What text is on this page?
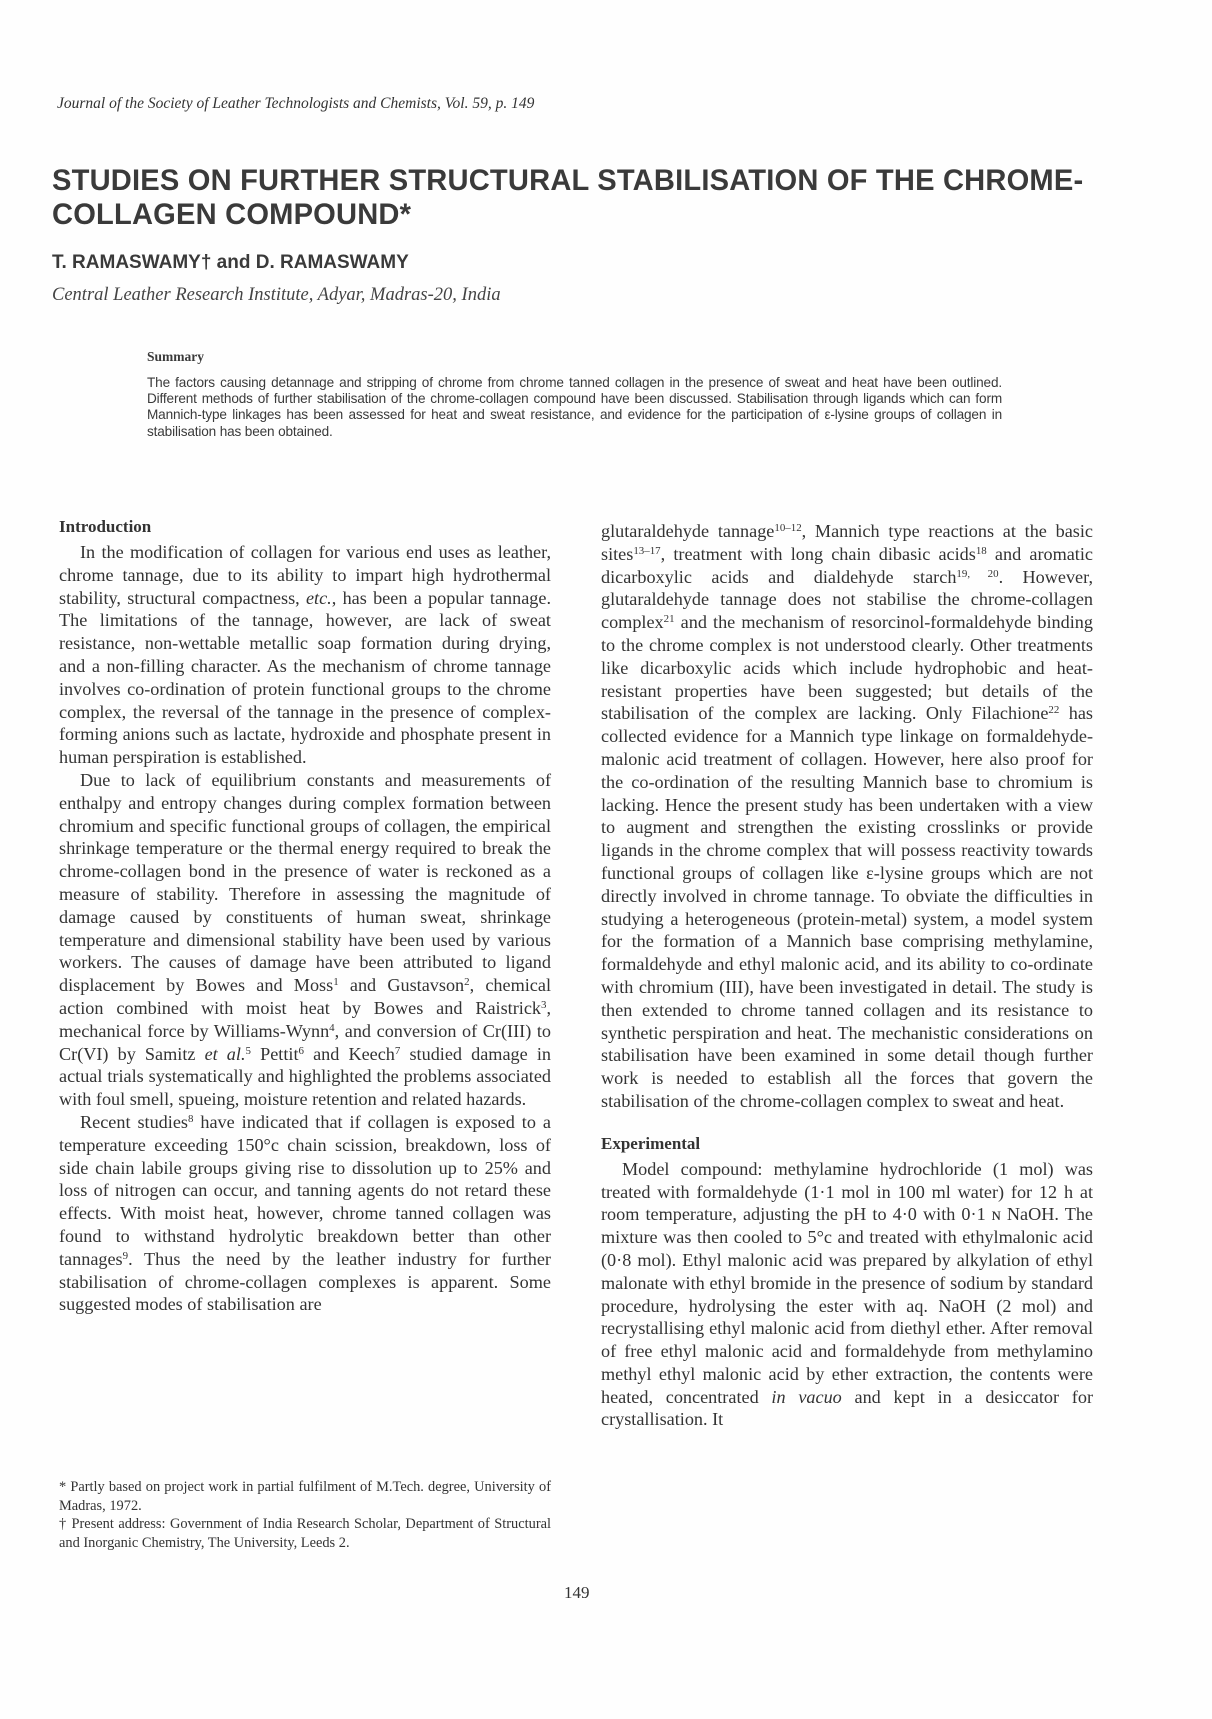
Journal of the Society of Leather Technologists and Chemists, Vol. 59, p. 149
STUDIES ON FURTHER STRUCTURAL STABILISATION OF THE CHROME-COLLAGEN COMPOUND*
T. RAMASWAMY† and D. RAMASWAMY
Central Leather Research Institute, Adyar, Madras-20, India
Summary

The factors causing detannage and stripping of chrome from chrome tanned collagen in the presence of sweat and heat have been outlined. Different methods of further stabilisation of the chrome-collagen compound have been discussed. Stabilisation through ligands which can form Mannich-type linkages has been assessed for heat and sweat resistance, and evidence for the participation of ε-lysine groups of collagen in stabilisation has been obtained.

Introduction

In the modification of collagen for various end uses as leather, chrome tannage, due to its ability to impart high hydrothermal stability, structural compactness, etc., has been a popular tannage. The limitations of the tannage, however, are lack of sweat resistance, non-wettable metallic soap formation during drying, and a non-filling character. As the mechanism of chrome tannage involves co-ordination of protein functional groups to the chrome complex, the reversal of the tannage in the presence of complex-forming anions such as lactate, hydroxide and phosphate present in human perspiration is established.

Due to lack of equilibrium constants and measurements of enthalpy and entropy changes during complex formation between chromium and specific functional groups of collagen, the empirical shrinkage temperature or the thermal energy required to break the chrome-collagen bond in the presence of water is reckoned as a measure of stability. Therefore in assessing the magnitude of damage caused by constituents of human sweat, shrinkage temperature and dimensional stability have been used by various workers. The causes of damage have been attributed to ligand displacement by Bowes and Moss$^1$ and Gustavson$^2$, chemical action combined with moist heat by Bowes and Raistrick$^3$, mechanical force by Williams-Wynn$^4$, and conversion of Cr(III) to Cr(VI) by Samitz et al.$^5$ Pettit$^6$ and Keech$^7$ studied damage in actual trials systematically and highlighted the problems associated with foul smell, spueing, moisture retention and related hazards.

Recent studies$^8$ have indicated that if collagen is exposed to a temperature exceeding 150°c chain scission, breakdown, loss of side chain labile groups giving rise to dissolution up to 25% and loss of nitrogen can occur, and tanning agents do not retard these effects. With moist heat, however, chrome tanned collagen was found to withstand hydrolytic breakdown better than other tannages$^9$. Thus the need by the leather industry for further stabilisation of chrome-collagen complexes is apparent. Some suggested modes of stabilisation are

* Partly based on project work in partial fulfilment of M.Tech. degree, University of Madras, 1972.

† Present address: Government of India Research Scholar, Department of Structural and Inorganic Chemistry, The University, Leeds 2.

glutaraldehyde tannage$^{10-12}$, Mannich type reactions at the basic sites$^{13-17}$, treatment with long chain dibasic acids$^{18}$ and aromatic dicarboxylic acids and dialdehyde starch$^{19, 20}$. However, glutaraldehyde tannage does not stabilise the chrome-collagen complex$^{21}$ and the mechanism of resorcinol-formaldehyde binding to the chrome complex is not understood clearly. Other treatments like dicarboxylic acids which include hydrophobic and heat-resistant properties have been suggested; but details of the stabilisation of the complex are lacking. Only Filachione$^{22}$ has collected evidence for a Mannich type linkage on formaldehyde-malonic acid treatment of collagen. However, here also proof for the co-ordination of the resulting Mannich base to chromium is lacking. Hence the present study has been undertaken with a view to augment and strengthen the existing crosslinks or provide ligands in the chrome complex that will possess reactivity towards functional groups of collagen like ε-lysine groups which are not directly involved in chrome tannage. To obviate the difficulties in studying a heterogeneous (protein-metal) system, a model system for the formation of a Mannich base comprising methylamine, formaldehyde and ethyl malonic acid, and its ability to co-ordinate with chromium (III), have been investigated in detail. The study is then extended to chrome tanned collagen and its resistance to synthetic perspiration and heat. The mechanistic considerations on stabilisation have been examined in some detail though further work is needed to establish all the forces that govern the stabilisation of the chrome-collagen complex to sweat and heat.

Experimental

Model compound: methylamine hydrochloride (1 mol) was treated with formaldehyde (1·1 mol in 100 ml water) for 12 h at room temperature, adjusting the pH to 4·0 with 0·1 ɴ NaOH. The mixture was then cooled to 5°c and treated with ethylmalonic acid (0·8 mol). Ethyl malonic acid was prepared by alkylation of ethyl malonate with ethyl bromide in the presence of sodium by standard procedure, hydrolysing the ester with aq. NaOH (2 mol) and recrystallising ethyl malonic acid from diethyl ether. After removal of free ethyl malonic acid and formaldehyde from methylamino methyl ethyl malonic acid by ether extraction, the contents were heated, concentrated in vacuo and kept in a desiccator for crystallisation. It

149
